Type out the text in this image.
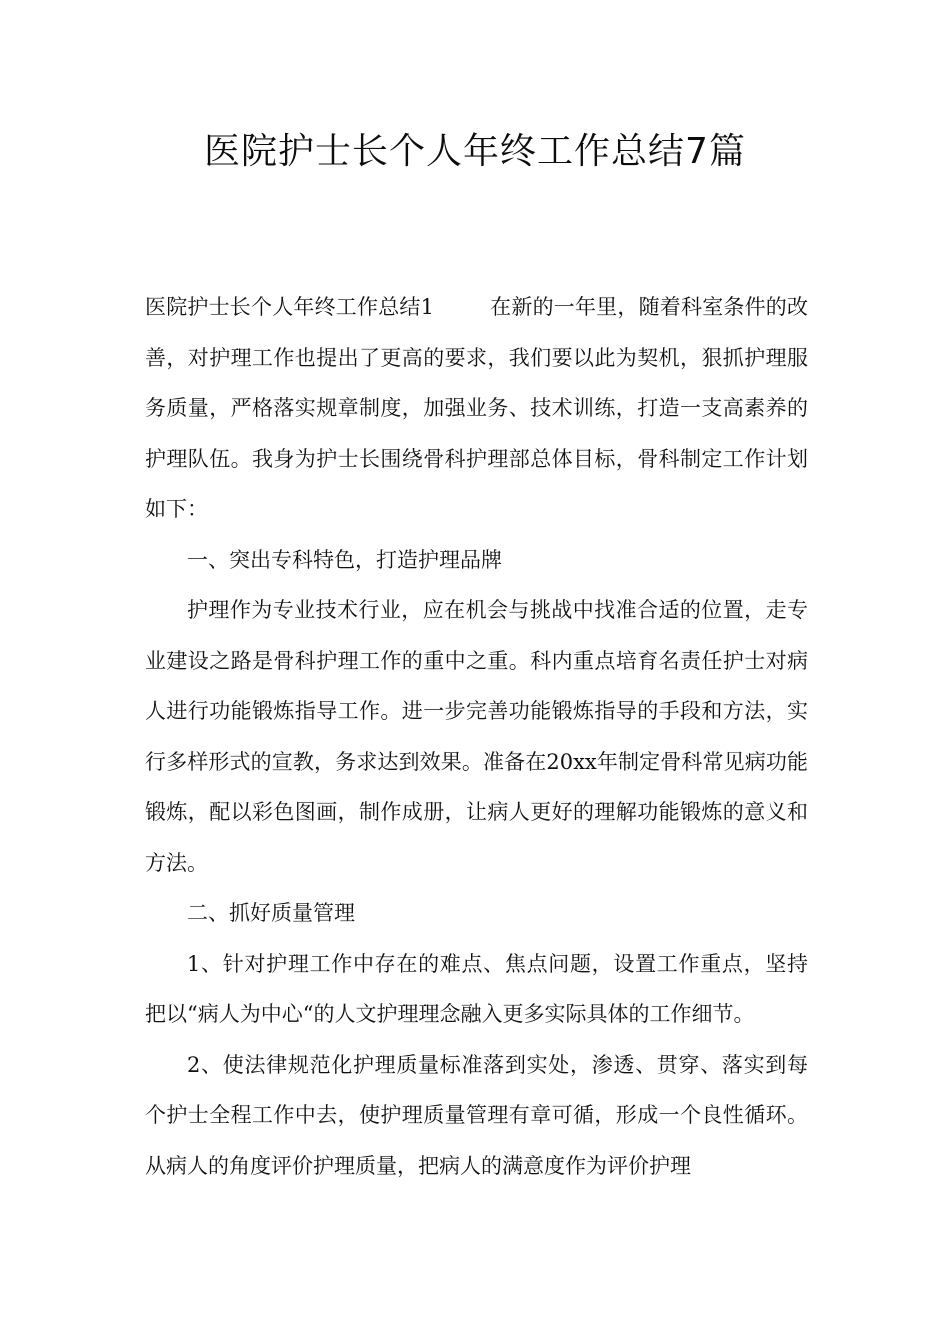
医院护士长个人年终工作总结7篇

医院护士长个人年终工作总结1	在新的一年里，随着科室条件的改善，对护理工作也提出了更高的要求，我们要以此为契机，狠抓护理服务质量，严格落实规章制度，加强业务、技术训练，打造一支高素养的护理队伍。我身为护士长围绕骨科护理部总体目标，骨科制定工作计划如下：

一、突出专科特色，打造护理品牌

护理作为专业技术行业，应在机会与挑战中找准合适的位置，走专业建设之路是骨科护理工作的重中之重。科内重点培育名责任护士对病人进行功能锻炼指导工作。进一步完善功能锻炼指导的手段和方法，实行多样形式的宣教，务求达到效果。准备在20xx年制定骨科常见病功能锻炼，配以彩色图画，制作成册，让病人更好的理解功能锻炼的意义和方法。

二、抓好质量管理

1、针对护理工作中存在的难点、焦点问题，设置工作重点，坚持把以“病人为中心“的人文护理理念融入更多实际具体的工作细节。

2、使法律规范化护理质量标准落到实处，渗透、贯穿、落实到每个护士全程工作中去，使护理质量管理有章可循，形成一个良性循环。从病人的角度评价护理质量，把病人的满意度作为评价护理
